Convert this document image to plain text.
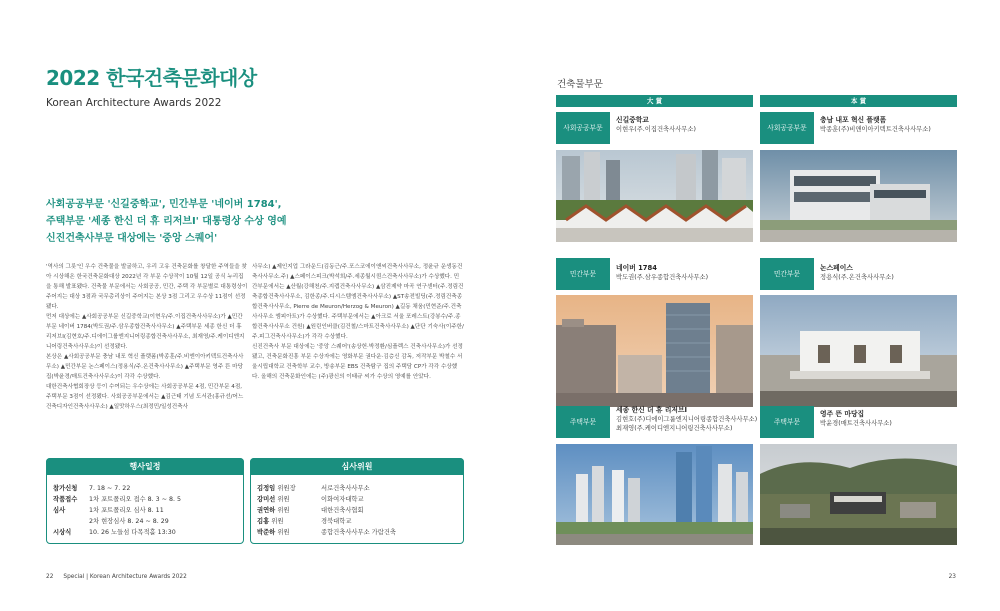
2022 한국건축문화대상
Korean Architecture Awards 2022
사회공공부문 '신길중학교', 민간부문 '네이버 1784',
주택부문 '세종 한신 더 휴 리저브Ⅰ' 대통령상 수상 영예
신진건축사부문 대상에는 '중앙 스퀘어'

'역사의 그릇'인 우수 건축물을 발굴하고, 우리 고유 건축문화를 창달한 주역들을 찾아 시상해온 한국건축문화대상 2022년 각 부문 수상작이 10월 12일 공식 누리집을 통해 발표됐다. 건축물 부문에서는 사회공공, 민간, 주택 각 부문별로 대통령상이 주어지는 대상 3점과 국무총리상이 주어지는 본상 3점 그리고 우수상 11점이 선정됐다.

먼저 대상에는 ▲사회공공부문 신길중학교(이현우/주.이집건축사사무소)가 ▲민간부문 네이버 1784(박도권/주.삼우종합건축사사무소) ▲주택부문 세종 한신 더 휴 리저브Ⅰ(김현호/주.디에이그룹엔지니어링종합건축사사무소, 최재영/주.케이디엔지니어링건축사사무소)이 선정됐다.

본상은 ▲사회공공부문 충남 내포 혁신 플랫폼(박종훈/주.비엔이아키텍트건축사사무소) ▲민간부문 논스페이스(정용식/주.온건축사사무소) ▲주택부문 영주 뜬 마당집(박윤경/매트건축사사무소)이 각각 수상했다.

대한건축사협회장상 등이 수여되는 우수상에는 사회공공부문 4점, 민간부문 4점, 주택부문 3점이 선정됐다. 사회공공부문에서는 ▲김근태 기념 도서관(홍규선/어느건축디자인건축사사무소) ▲일맛하우스(최정민/일성건축사

사무소) ▲제인지업 그라운드(김동근/주.포스코에이앤씨건축사사무소, 정윤규 운생동건축사사무소.주) ▲스페이스피크(박석희/주.세종월시퀀스건축사사무소)가 수상했다. 민간부문에서는 ▲산월(강해천/주.지캡건축사사무소) ▲삼진제약 마곡 연구센터(주.정림건축종합건축사사무소, 김한종/주.디시스템엠건축사사무소) ▲ST송전빌딩(주.정림건축종합건축사사무소, Pierre de Meuron/Herzog & Meuron) ▲길동 채움(민현준/주.건축사사무소 엠피아트)가 수상했다. 주택부문에서는 ▲아크로 서울 포레스트(강봉수/주.종합건축사사무소 건원) ▲원린인버클(김건철/스마트건축사사무소) ▲단단 기숙사(이주한/주.피그건축사사무소)가 각각 수상했다.

신진건축사 부문 대상에는 '중앙 스퀘어'(송상헌·박정환/심플렉스 건축사사무소)가 선정됐고, 건축문화진흥 부문 수상자에는 영화부문 권다운·김층신 감독, 저작부문 박철수 서울시립대학교 건축학부 교수, 방송부문 EBS 건축탐구 집의 주택담 CP가 각각 수상했다. 올해의 건축문화인에는 (주)광신의 이태규 씨가 수상의 영예를 안았다.

행사일정
참가신청	7. 18 ~ 7. 22
작품접수	1차 포트폴리오 접수 8. 3 ~ 8. 5
심사	1차 포트폴리오 심사 8. 11
2차 현장심사 8. 24 ~ 8. 29
시상식	10. 26 노들섬 다목적홀 13:30
심사위원
김정임 위원장	서로건축사사무소
강미선 위원	이화여자대학교
권연하 위원	대한건축사협회
김홍 위원	경북대학교
박준하 위원	종합건축사사무소 가람건축
22 Special | Korean Architecture Awards 2022
건축물부문
大 賞	本 賞
사회공공부문
신길중학교
이현우(주.이집건축사사무소)	사회공공부문
충남 내포 혁신 플랫폼
박종훈(주)비앤이아키텍트건축사사무소)
민간부문
네이버 1784
박도권(주.삼우종합건축사사무소)	민간부문
논스페이스
정용식(주.온건축사사무소)
주택부문
세종 한신 더 휴 리저브Ⅰ
김현호(주)디에이그룹엔지니어링종합건축사사무소)
최재영(주.케이디엔지니어링건축사사무소)
주택부문
영주 뜬 마당집
박윤경(매트건축사사무소)
23
